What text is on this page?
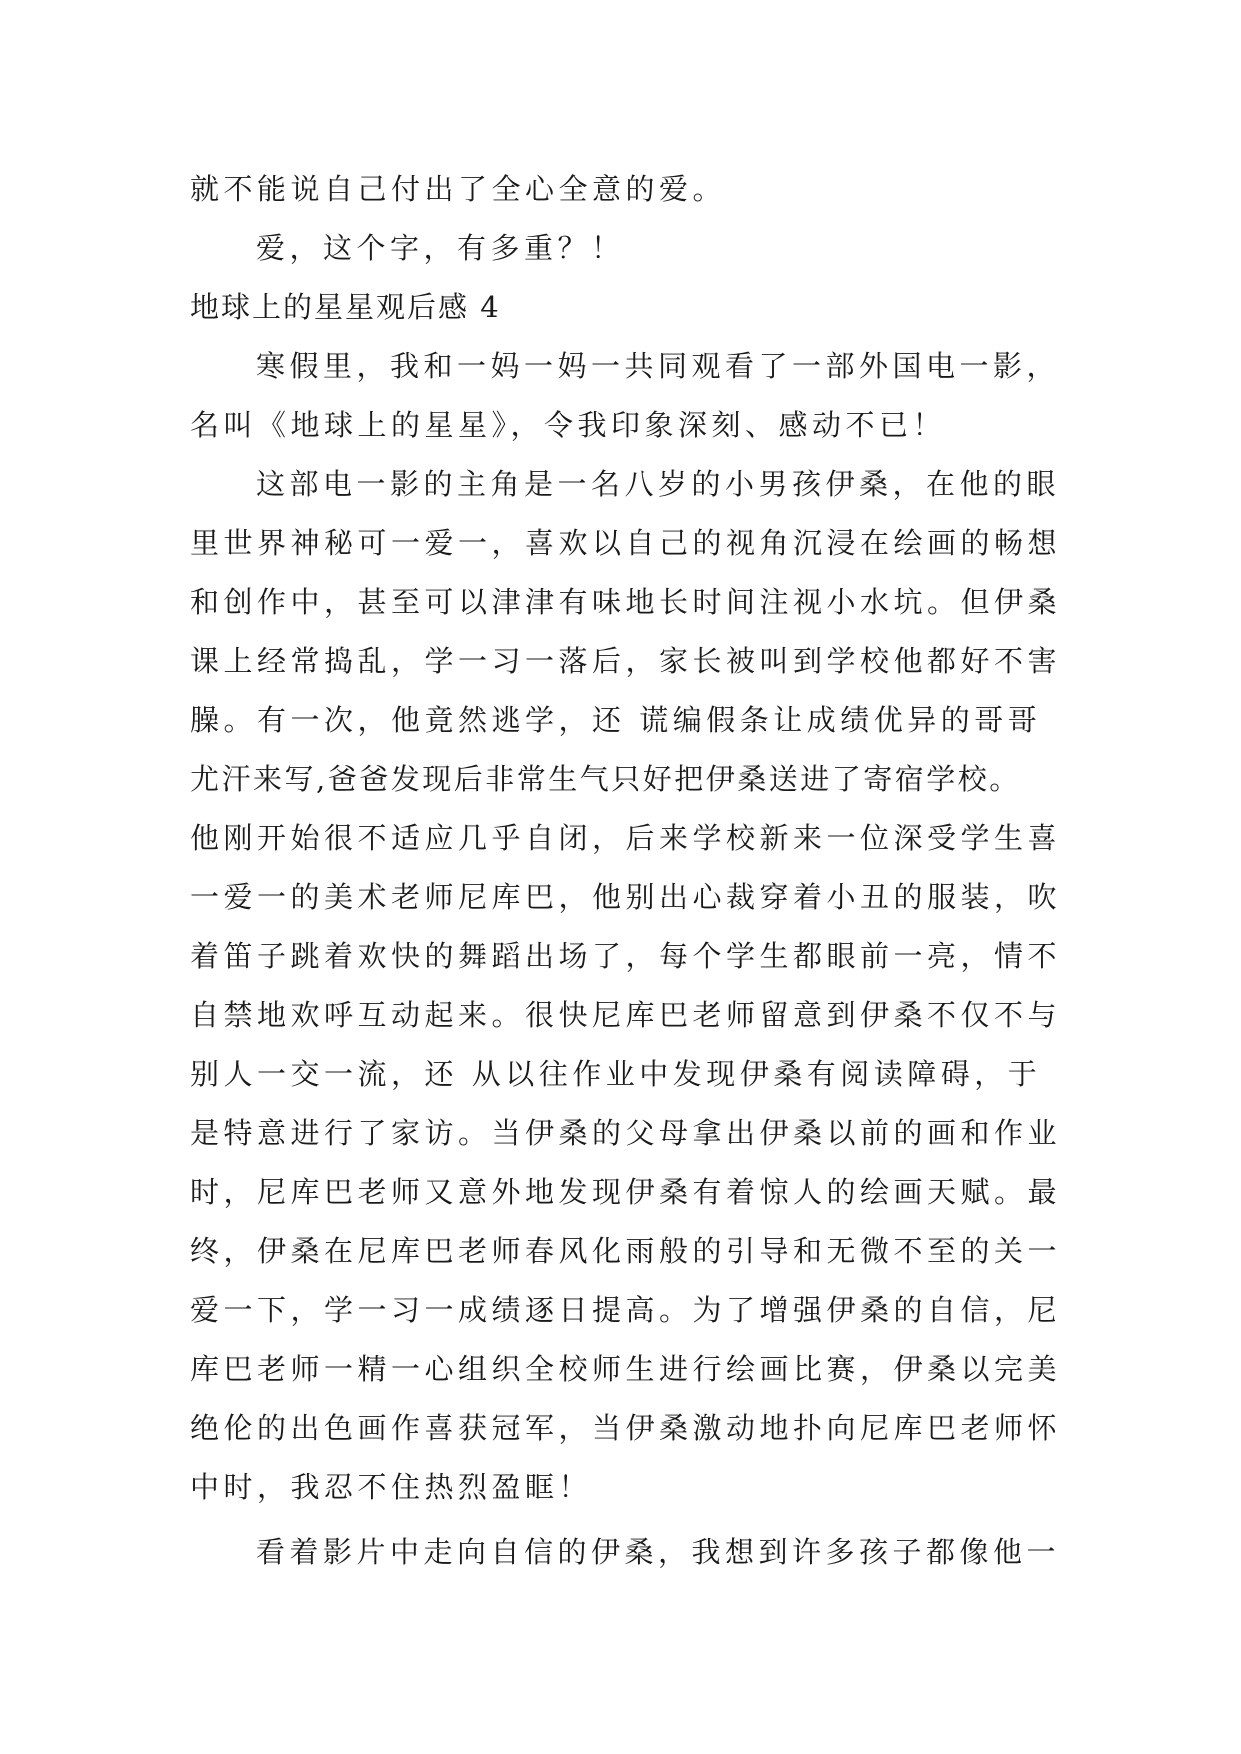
就不能说自己付出了全心全意的爱。
爱，这个字，有多重？！
地球上的星星观后感 4
寒假里，我和一妈一妈一共同观看了一部外国电一影，
名叫《地球上的星星》，令我印象深刻、感动不已！
这部电一影的主角是一名八岁的小男孩伊桑，在他的眼
里世界神秘可一爱一，喜欢以自己的视角沉浸在绘画的畅想
和创作中，甚至可以津津有味地长时间注视小水坑。但伊桑
课上经常捣乱，学一习一落后，家长被叫到学校他都好不害
臊。有一次，他竟然逃学，还 谎编假条让成绩优异的哥哥
尤汗来写,爸爸发现后非常生气只好把伊桑送进了寄宿学校。
他刚开始很不适应几乎自闭，后来学校新来一位深受学生喜
一爱一的美术老师尼库巴，他别出心裁穿着小丑的服装，吹
着笛子跳着欢快的舞蹈出场了，每个学生都眼前一亮，情不
自禁地欢呼互动起来。很快尼库巴老师留意到伊桑不仅不与
别人一交一流，还 从以往作业中发现伊桑有阅读障碍，于
是特意进行了家访。当伊桑的父母拿出伊桑以前的画和作业
时，尼库巴老师又意外地发现伊桑有着惊人的绘画天赋。最
终，伊桑在尼库巴老师春风化雨般的引导和无微不至的关一
爱一下，学一习一成绩逐日提高。为了增强伊桑的自信，尼
库巴老师一精一心组织全校师生进行绘画比赛，伊桑以完美
绝伦的出色画作喜获冠军，当伊桑激动地扑向尼库巴老师怀
中时，我忍不住热烈盈眶！
看着影片中走向自信的伊桑，我想到许多孩子都像他一
